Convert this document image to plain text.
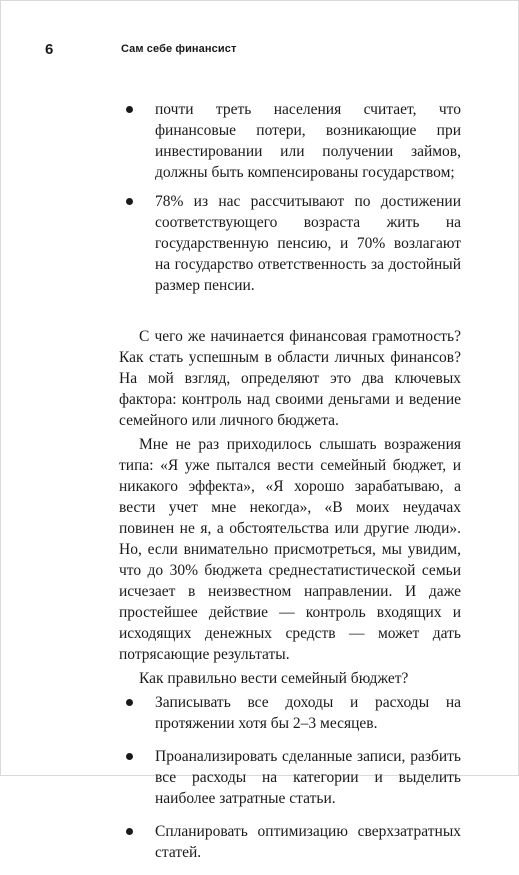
6	Сам себе финансист
почти треть населения считает, что финансовые потери, возникающие при инвестировании или получении займов, должны быть компенсированы государством;
78% из нас рассчитывают по достижении соответствующего возраста жить на государственную пенсию, и 70% возлагают на государство ответственность за достойный размер пенсии.

С чего же начинается финансовая грамотность? Как стать успешным в области личных финансов? На мой взгляд, определяют это два ключевых фактора: контроль над своими деньгами и ведение семейного или личного бюджета.

Мне не раз приходилось слышать возражения типа: «Я уже пытался вести семейный бюджет, и никакого эффекта», «Я хорошо зарабатываю, а вести учет мне некогда», «В моих неудачах повинен не я, а обстоятельства или другие люди». Но, если внимательно присмотреться, мы увидим, что до 30% бюджета среднестатистической семьи исчезает в неизвестном направлении. И даже простейшее действие — контроль входящих и исходящих денежных средств — может дать потрясающие результаты.

Как правильно вести семейный бюджет?

Записывать все доходы и расходы на протяжении хотя бы 2–3 месяцев.
Проанализировать сделанные записи, разбить все расходы на категории и выделить наиболее затратные статьи.
Спланировать оптимизацию сверхзатратных статей.
